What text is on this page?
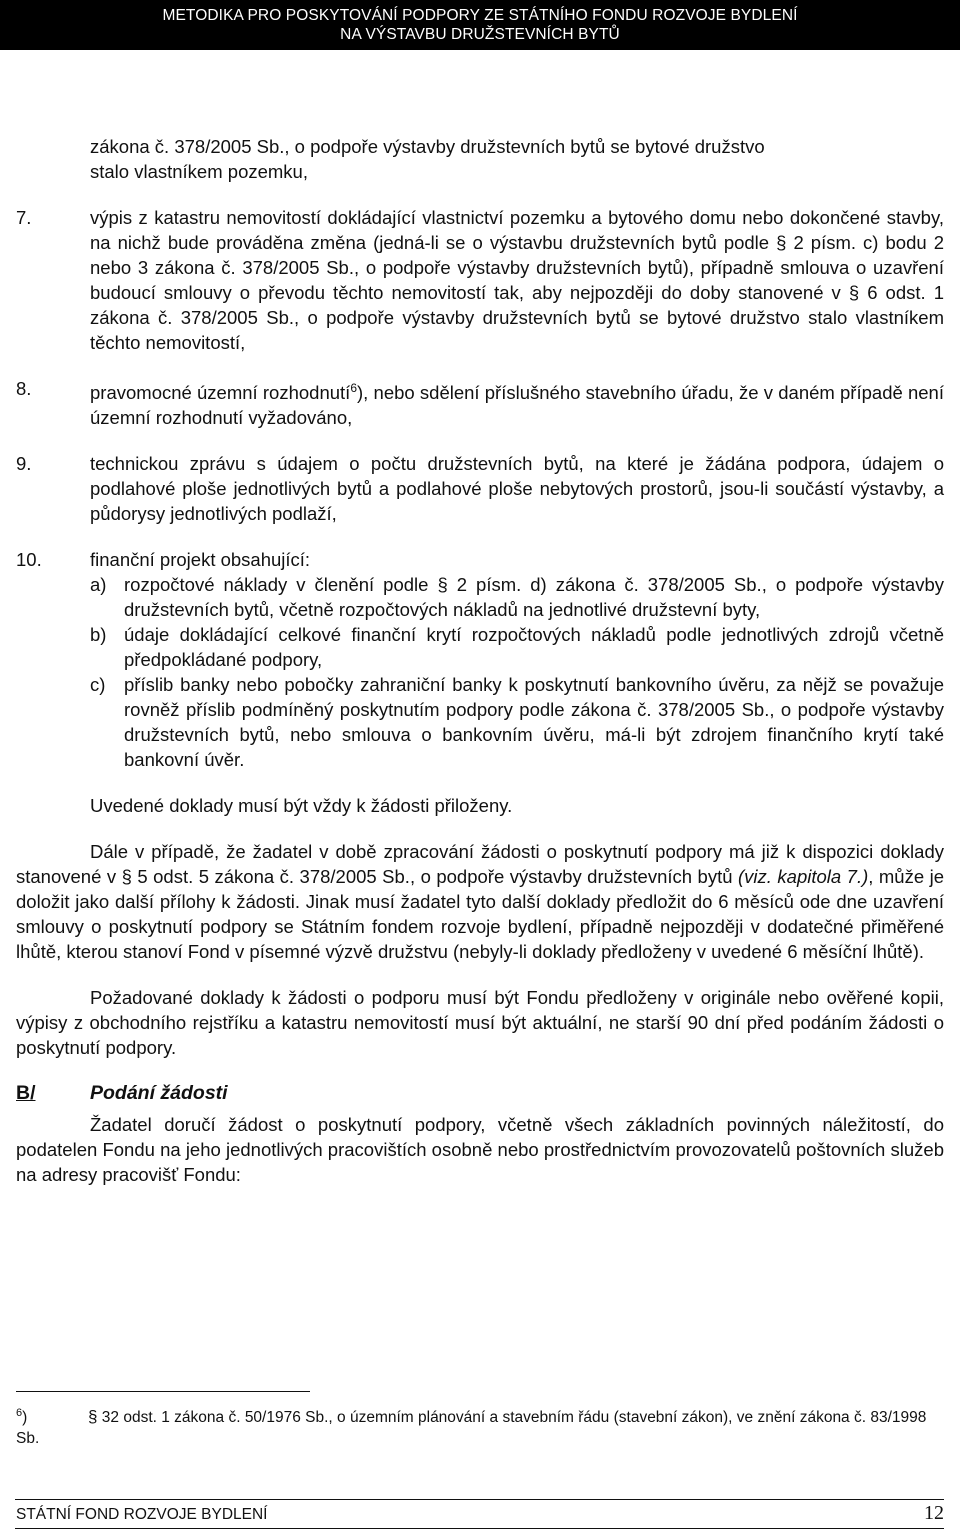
METODIKA PRO POSKYTOVÁNÍ PODPORY ZE STÁTNÍHO FONDU ROZVOJE BYDLENÍ
NA VÝSTAVBU DRUŽSTEVNÍCH BYTŮ
zákona č. 378/2005 Sb., o podpoře výstavby družstevních bytů se bytové družstvo
stalo vlastníkem pozemku,
7.	výpis z katastru nemovitostí dokládající vlastnictví pozemku a bytového domu nebo dokončené stavby, na nichž bude prováděna změna (jedná-li se o výstavbu družstevních bytů podle § 2 písm. c) bodu 2 nebo 3 zákona č. 378/2005 Sb., o podpoře výstavby družstevních bytů), případně smlouva o uzavření budoucí smlouvy o převodu těchto nemovitostí tak, aby nejpozději do doby stanovené v § 6 odst. 1 zákona č. 378/2005 Sb., o podpoře výstavby družstevních bytů se bytové družstvo stalo vlastníkem těchto nemovitostí,
8.	pravomocné územní rozhodnutí$^6$), nebo sdělení příslušného stavebního úřadu, že v daném případě není územní rozhodnutí vyžadováno,
9.	technickou zprávu s údajem o počtu družstevních bytů, na které je žádána podpora, údajem o podlahové ploše jednotlivých bytů a podlahové ploše nebytových prostorů, jsou-li součástí výstavby, a půdorysy jednotlivých podlaží,
10.	finanční projekt obsahující:
a) rozpočtové náklady v členění podle § 2 písm. d) zákona č. 378/2005 Sb., o podpoře výstavby družstevních bytů, včetně rozpočtových nákladů na jednotlivé družstevní byty,
b) údaje dokládající celkové finanční krytí rozpočtových nákladů podle jednotlivých zdrojů včetně předpokládané podpory,
c) příslib banky nebo pobočky zahraniční banky k poskytnutí bankovního úvěru, za nějž se považuje rovněž příslib podmíněný poskytnutím podpory podle zákona č. 378/2005 Sb., o podpoře výstavby družstevních bytů, nebo smlouva o bankovním úvěru, má-li být zdrojem finančního krytí také bankovní úvěr.
Uvedené doklady musí být vždy k žádosti přiloženy.
Dále v případě, že žadatel v době zpracování žádosti o poskytnutí podpory má již k dispozici doklady stanovené v § 5 odst. 5 zákona č. 378/2005 Sb., o podpoře výstavby družstevních bytů (viz. kapitola 7.), může je doložit jako další přílohy k žádosti. Jinak musí žadatel tyto další doklady předložit do 6 měsíců ode dne uzavření smlouvy o poskytnutí podpory se Státním fondem rozvoje bydlení, případně nejpozději v dodatečné přiměřené lhůtě, kterou stanoví Fond v písemné výzvě družstvu (nebyly-li doklady předloženy v uvedené 6 měsíční lhůtě).
Požadované doklady k žádosti o podporu musí být Fondu předloženy v originále nebo ověřené kopii, výpisy z obchodního rejstříku a katastru nemovitostí musí být aktuální, ne starší 90 dní před podáním žádosti o poskytnutí podpory.
B/	Podání žádosti
Žadatel doručí žádost o poskytnutí podpory, včetně všech základních povinných náležitostí, do podatelen Fondu na jeho jednotlivých pracovištích osobně nebo prostřednictvím provozovatelů poštovních služeb na adresy pracovišť Fondu:
$^6$)	§ 32 odst. 1 zákona č. 50/1976 Sb., o územním plánování a stavebním řádu (stavební zákon), ve znění zákona č. 83/1998 Sb.
STÁTNÍ FOND ROZVOJE BYDLENÍ	12
